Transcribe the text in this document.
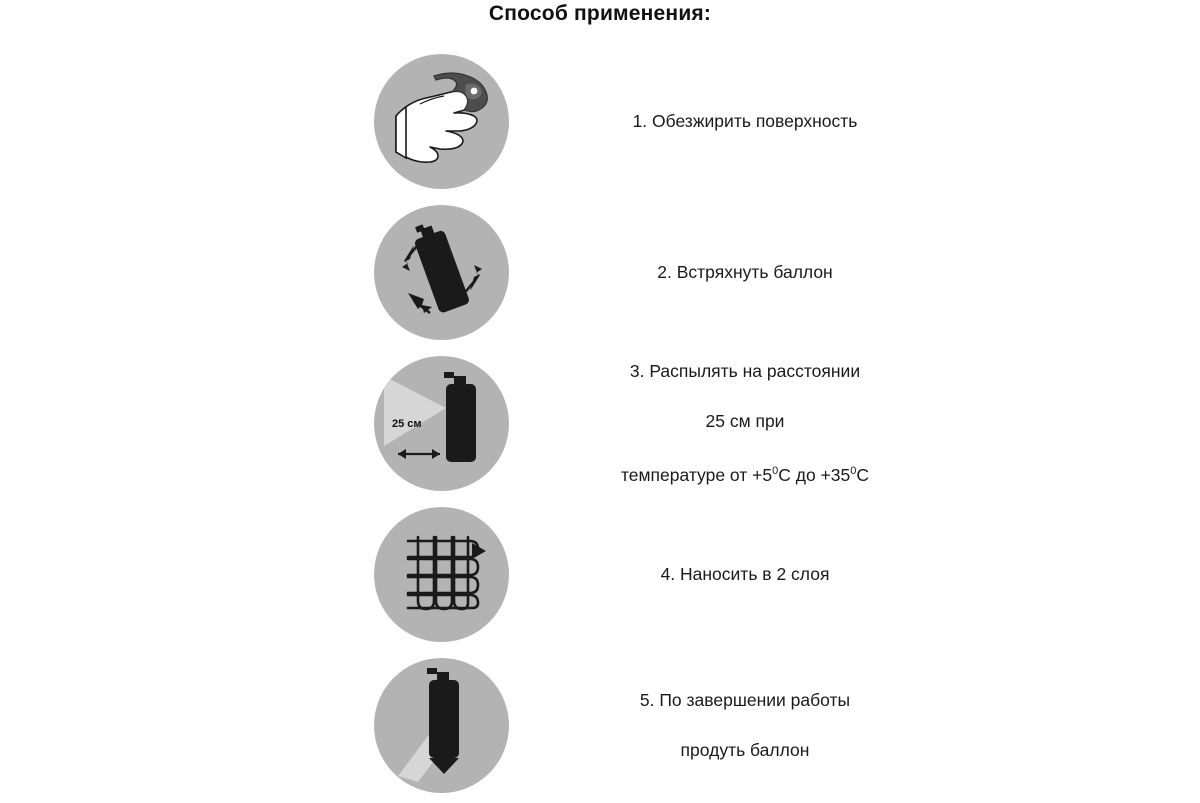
Способ применения:
1. Обезжирить поверхность
2. Встряхнуть баллон
25 см

3. Распылять на расстоянии

25 см при

температуре от $+5^0С$ до $+35^0С$

4. Наносить в 2 слоя

5. По завершении работы

продуть баллон
